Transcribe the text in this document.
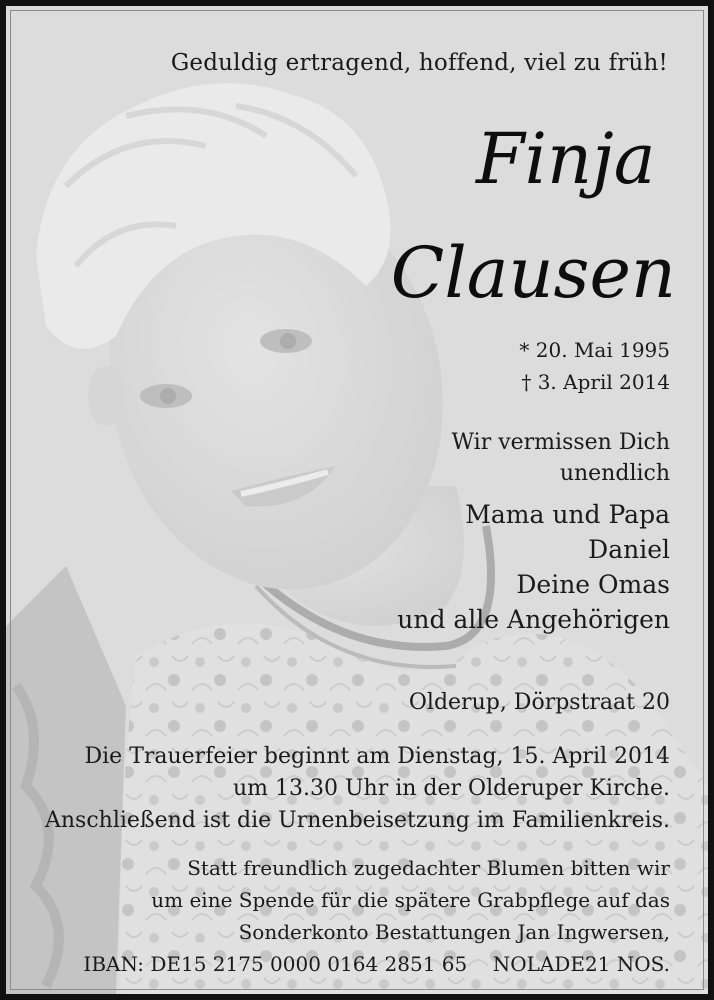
Geduldig ertragend, hoffend, viel zu früh!
Finja
Clausen
* 20. Mai 1995
† 3. April 2014
Wir vermissen Dich
unendlich
Mama und Papa
Daniel
Deine Omas
und alle Angehörigen
Olderup, Dörpstraat 20
Die Trauerfeier beginnt am Dienstag, 15. April 2014
um 13.30 Uhr in der Olderuper Kirche.
Anschließend ist die Urnenbeisetzung im Familienkreis.
Statt freundlich zugedachter Blumen bitten wir
um eine Spende für die spätere Grabpflege auf das
Sonderkonto Bestattungen Jan Ingwersen,
IBAN: DE15 2175 0000 0164 2851 65    NOLADE21 NOS.
